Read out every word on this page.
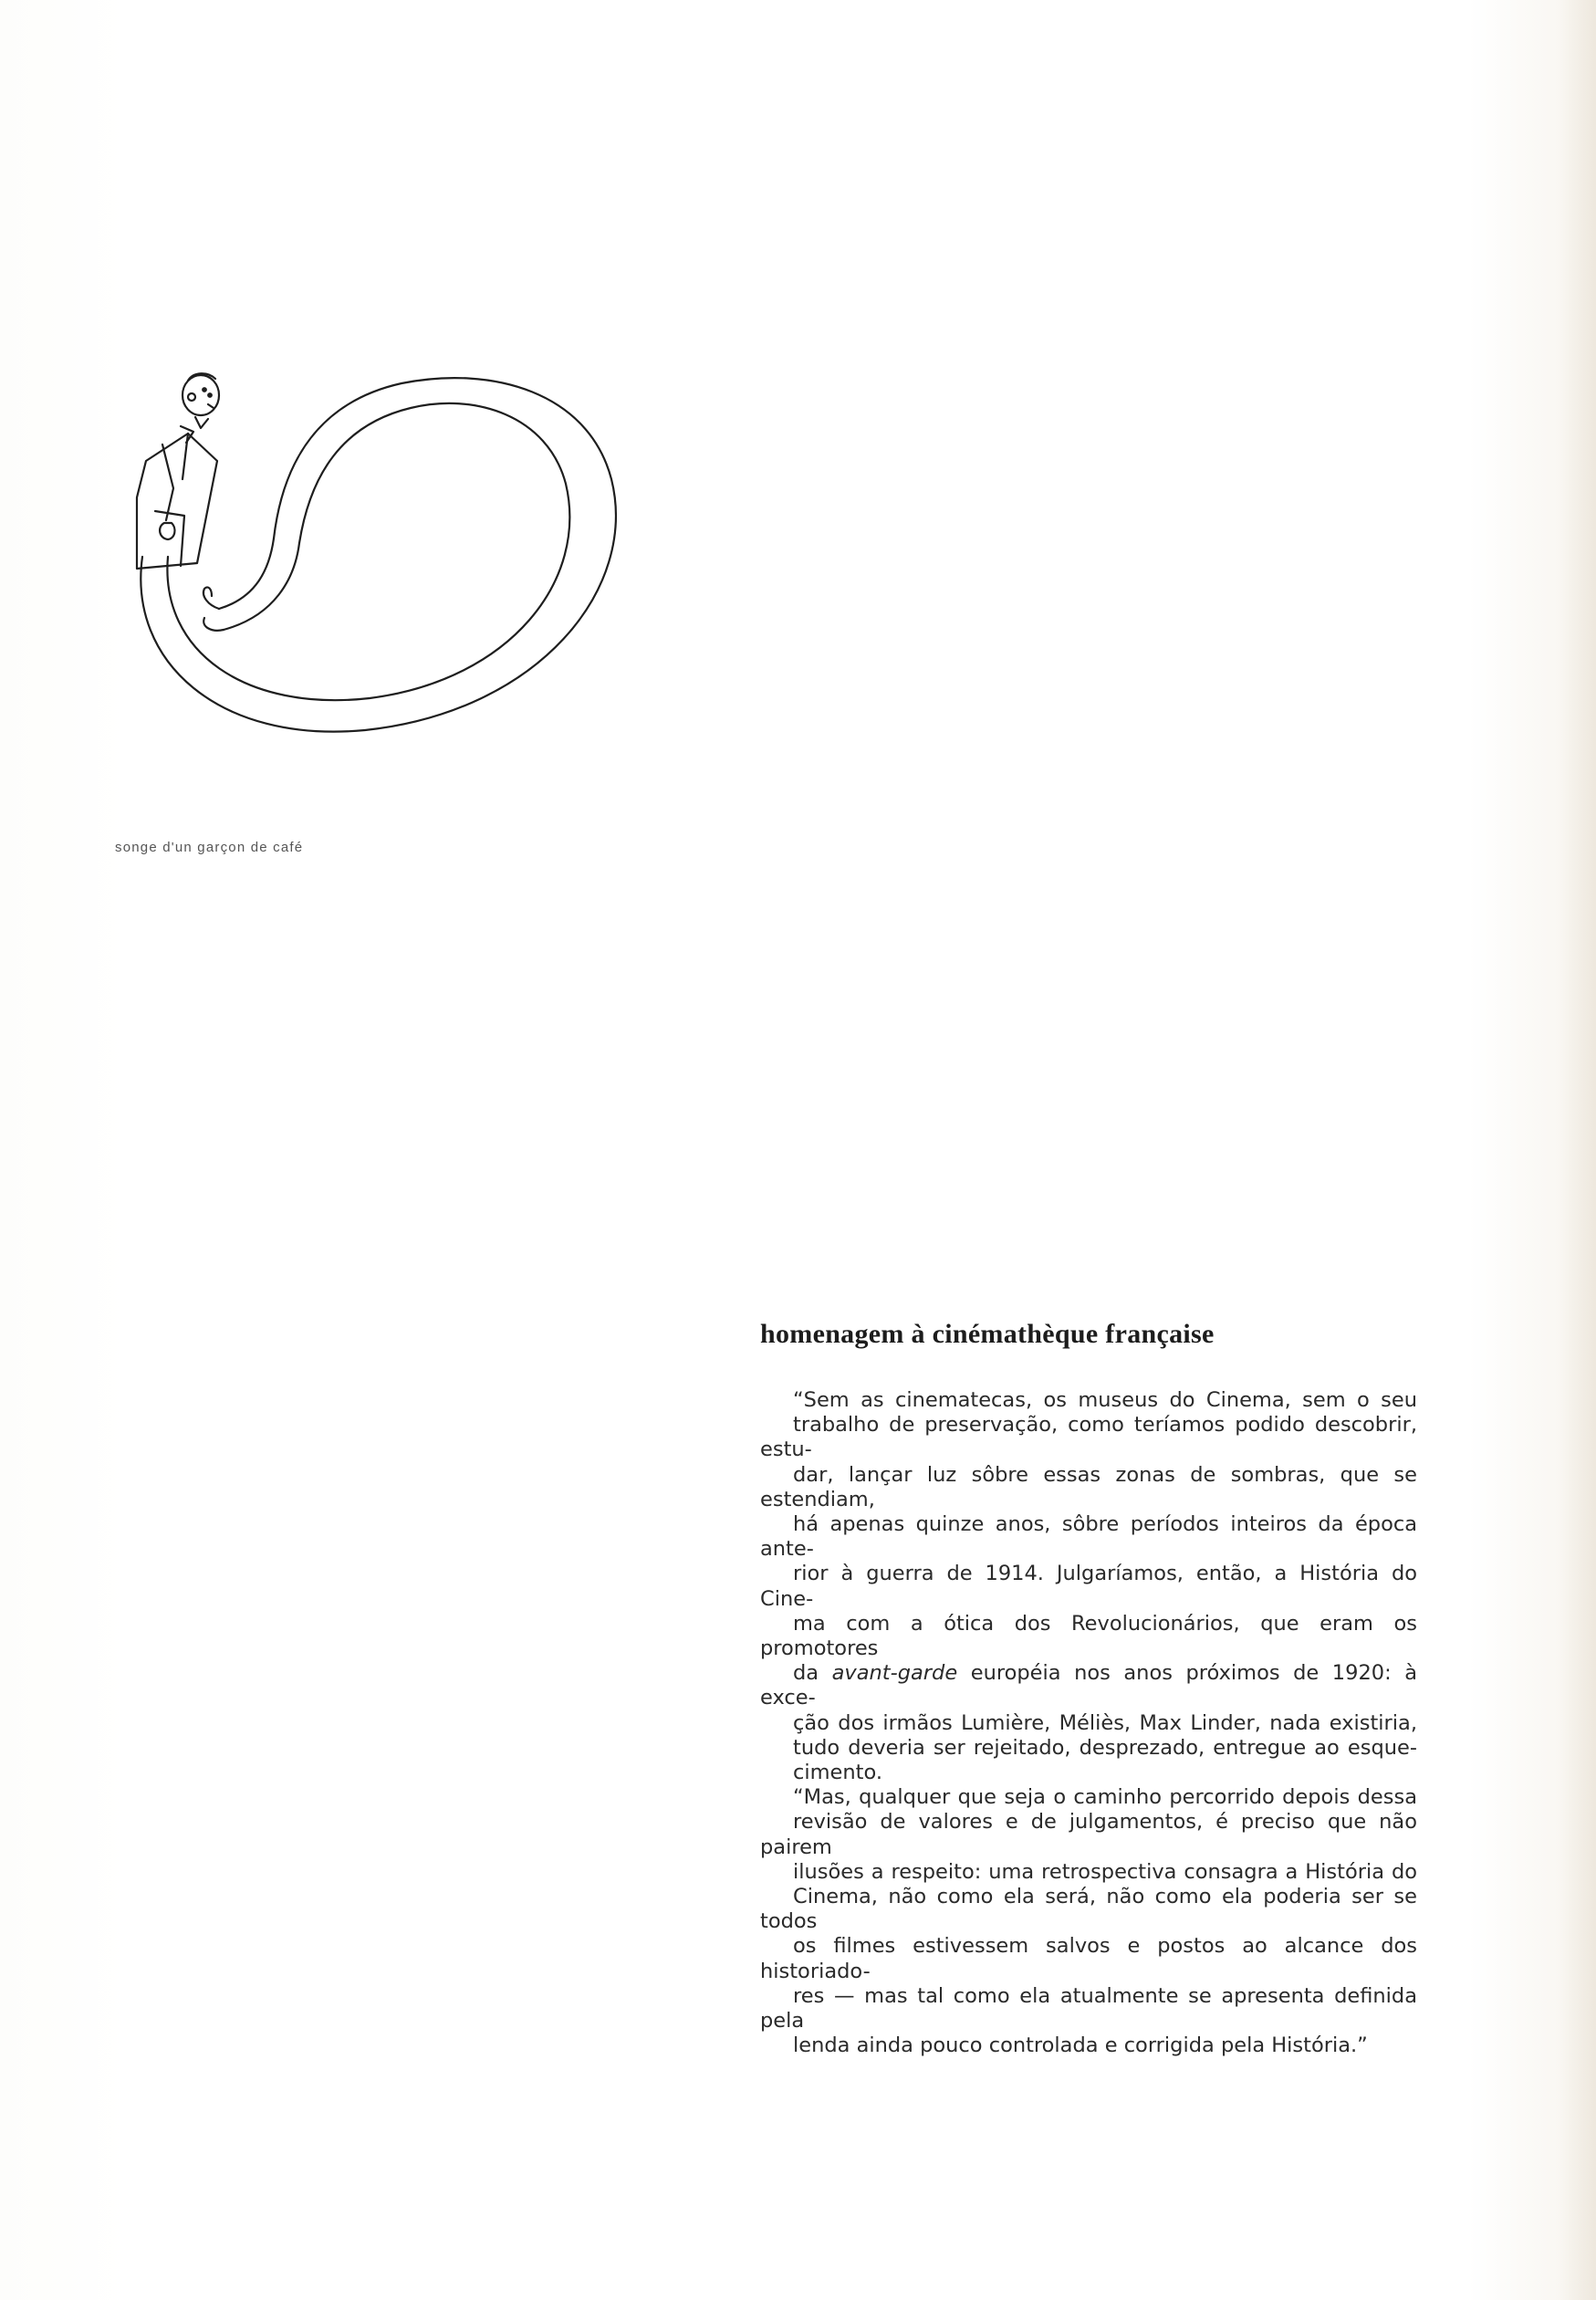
songe d'un garçon de café
homenagem à cinémathèque française

“Sem as cinematecas, os museus do Cinema, sem o seu
trabalho de preservação, como teríamos podido descobrir, estu-
dar, lançar luz sôbre essas zonas de sombras, que se estendiam,
há apenas quinze anos, sôbre períodos inteiros da época ante-
rior à guerra de 1914. Julgaríamos, então, a História do Cine-
ma com a ótica dos Revolucionários, que eram os promotores
da avant-garde européia nos anos próximos de 1920: à exce-
ção dos irmãos Lumière, Méliès, Max Linder, nada existiria,
tudo deveria ser rejeitado, desprezado, entregue ao esque-
cimento.

“Mas, qualquer que seja o caminho percorrido depois dessa
revisão de valores e de julgamentos, é preciso que não pairem
ilusões a respeito: uma retrospectiva consagra a História do
Cinema, não como ela será, não como ela poderia ser se todos
os filmes estivessem salvos e postos ao alcance dos historiado-
res — mas tal como ela atualmente se apresenta definida pela
lenda ainda pouco controlada e corrigida pela História.”
